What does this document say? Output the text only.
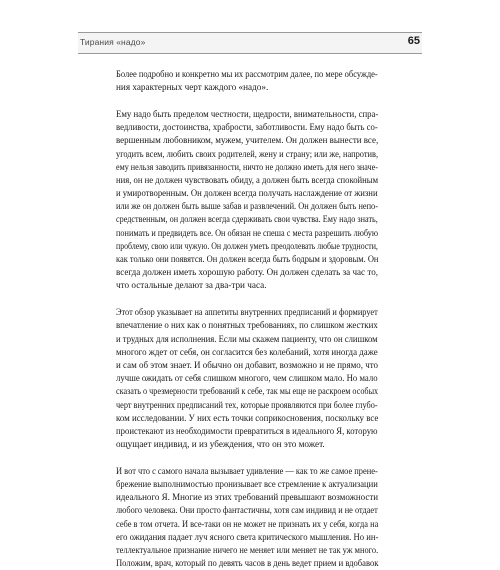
Тирания «надо»	65

Более подробно и конкретно мы их рассмотрим далее, по мере обсужде-
ния характерных черт каждого «надо».

Ему надо быть пределом честности, щедрости, внимательности, спра-
ведливости, достоинства, храбрости, заботливости. Ему надо быть со-
вершенным любовником, мужем, учителем. Он должен вынести все,
угодить всем, любить своих родителей, жену и страну; или же, напротив,
ему нельзя заводить привязанности, ничто не должно иметь для него значе-
ния, он не должен чувствовать обиду, а должен быть всегда спокойным
и умиротворенным. Он должен всегда получать наслаждение от жизни
или же он должен быть выше забав и развлечений. Он должен быть непо-
средственным, он должен всегда сдерживать свои чувства. Ему надо знать,
понимать и предвидеть все. Он обязан не спеша с места разрешить любую
проблему, свою или чужую. Он должен уметь преодолевать любые трудности,
как только они появятся. Он должен всегда быть бодрым и здоровым. Он
всегда должен иметь хорошую работу. Он должен сделать за час то,
что остальные делают за два-три часа.

Этот обзор указывает на аппетиты внутренних предписаний и формирует
впечатление о них как о понятных требованиях, по слишком жестких
и трудных для исполнения. Если мы скажем пациенту, что он слишком
многого ждет от себя, он согласится без колебаний, хотя иногда даже
и сам об этом знает. И обычно он добавит, возможно и не прямо, что
лучше ожидать от себя слишком многого, чем слишком мало. Но мало
сказать о чрезмерности требований к себе, так мы еще не раскроем особых
черт внутренних предписаний тех, которые проявляются при более глубо-
ком исследовании. У них есть точки соприкосновения, поскольку все
проистекают из необходимости превратиться в идеального Я, которую
ощущает индивид, и из убеждения, что он это может.

И вот что с самого начала вызывает удивление — как то же самое прене-
брежение выполнимостью пронизывает все стремление к актуализации
идеального Я. Многие из этих требований превышают возможности
любого человека. Они просто фантастичны, хотя сам индивид и не отдает
себе в том отчета. И все-таки он не может не признать их у себя, когда на
его ожидания падает луч ясного света критического мышления. Но ин-
теллектуальное признание ничего не меняет или меняет не так уж много.
Положим, врач, который по девять часов в день ведет прием и вдобавок
